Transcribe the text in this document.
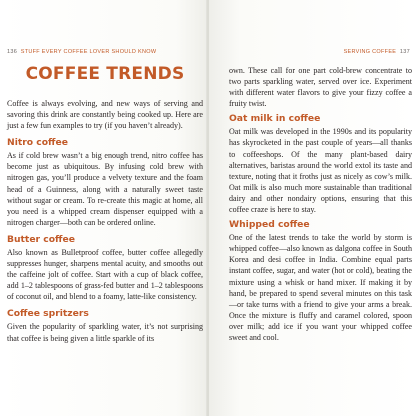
136 STUFF EVERY COFFEE LOVER SHOULD KNOW
COFFEE TRENDS

Coffee is always evolving, and new ways of serving and savoring this drink are constantly being cooked up. Here are just a few fun examples to try (if you haven’t already).

Nitro coffee

As if cold brew wasn’t a big enough trend, nitro coffee has become just as ubiquitous. By infusing cold brew with nitrogen gas, you’ll produce a velvety texture and the foam head of a Guinness, along with a naturally sweet taste without sugar or cream. To re-create this magic at home, all you need is a whipped cream dispenser equipped with a nitrogen charger—both can be ordered online.

Butter coffee

Also known as Bulletproof coffee, butter coffee allegedly suppresses hunger, sharpens mental acuity, and smooths out the caffeine jolt of coffee. Start with a cup of black coffee, add 1–2 tablespoons of grass-fed butter and 1–2 tablespoons of coconut oil, and blend to a foamy, latte-like consistency.

Coffee spritzers

Given the popularity of sparkling water, it’s not surprising that coffee is being given a little sparkle of its

SERVING COFFEE 137

own. These call for one part cold-brew concentrate to two parts sparkling water, served over ice. Experiment with different water flavors to give your fizzy coffee a fruity twist.

Oat milk in coffee

Oat milk was developed in the 1990s and its popularity has skyrocketed in the past couple of years—all thanks to coffeeshops. Of the many plant-based dairy alternatives, baristas around the world extol its taste and texture, noting that it froths just as nicely as cow’s milk. Oat milk is also much more sustainable than traditional dairy and other nondairy options, ensuring that this coffee craze is here to stay.

Whipped coffee

One of the latest trends to take the world by storm is whipped coffee—also known as dalgona coffee in South Korea and desi coffee in India. Combine equal parts instant coffee, sugar, and water (hot or cold), beating the mixture using a whisk or hand mixer. If making it by hand, be prepared to spend several minutes on this task—or take turns with a friend to give your arms a break. Once the mixture is fluffy and caramel colored, spoon over milk; add ice if you want your whipped coffee sweet and cool.
